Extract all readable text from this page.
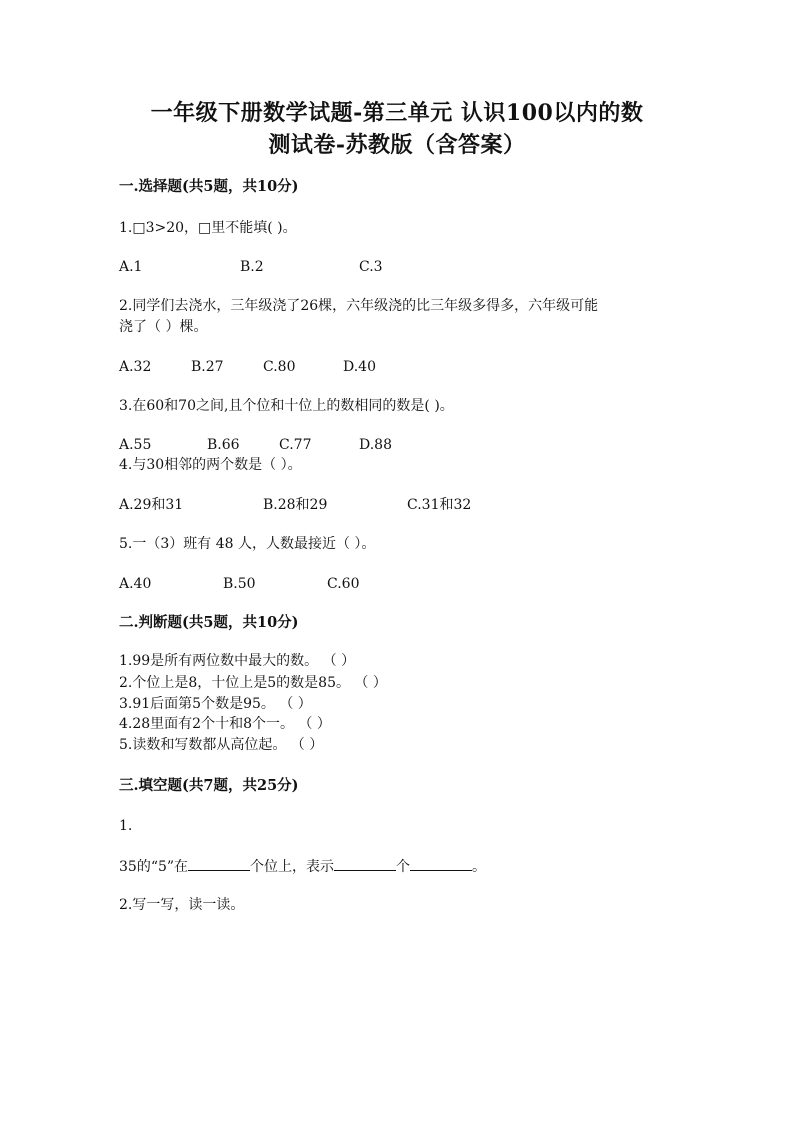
一年级下册数学试题-第三单元 认识100以内的数
测试卷-苏教版（含答案）
一.选择题(共5题，共10分)
1.□3>20，□里不能填( )。
A.1	B.2	C.3
2.同学们去浇水，三年级浇了26棵，六年级浇的比三年级多得多，六年级可能
浇了（ ）棵。
A.32	B.27	C.80	D.40
3.在60和70之间,且个位和十位上的数相同的数是( )。
A.55	B.66	C.77	D.88
4.与30相邻的两个数是（ ）。
A.29和31	B.28和29	C.31和32
5.一（3）班有 48 人，人数最接近（ ）。
A.40	B.50	C.60
二.判断题(共5题，共10分)
1.99是所有两位数中最大的数。 （ ）
2.个位上是8，十位上是5的数是85。 （ ）
3.91后面第5个数是95。 （ ）
4.28里面有2个十和8个一。 （ ）
5.读数和写数都从高位起。 （ ）
三.填空题(共7题，共25分)
1.
35的“5”在	个位上，表示	个	。
2.写一写，读一读。
